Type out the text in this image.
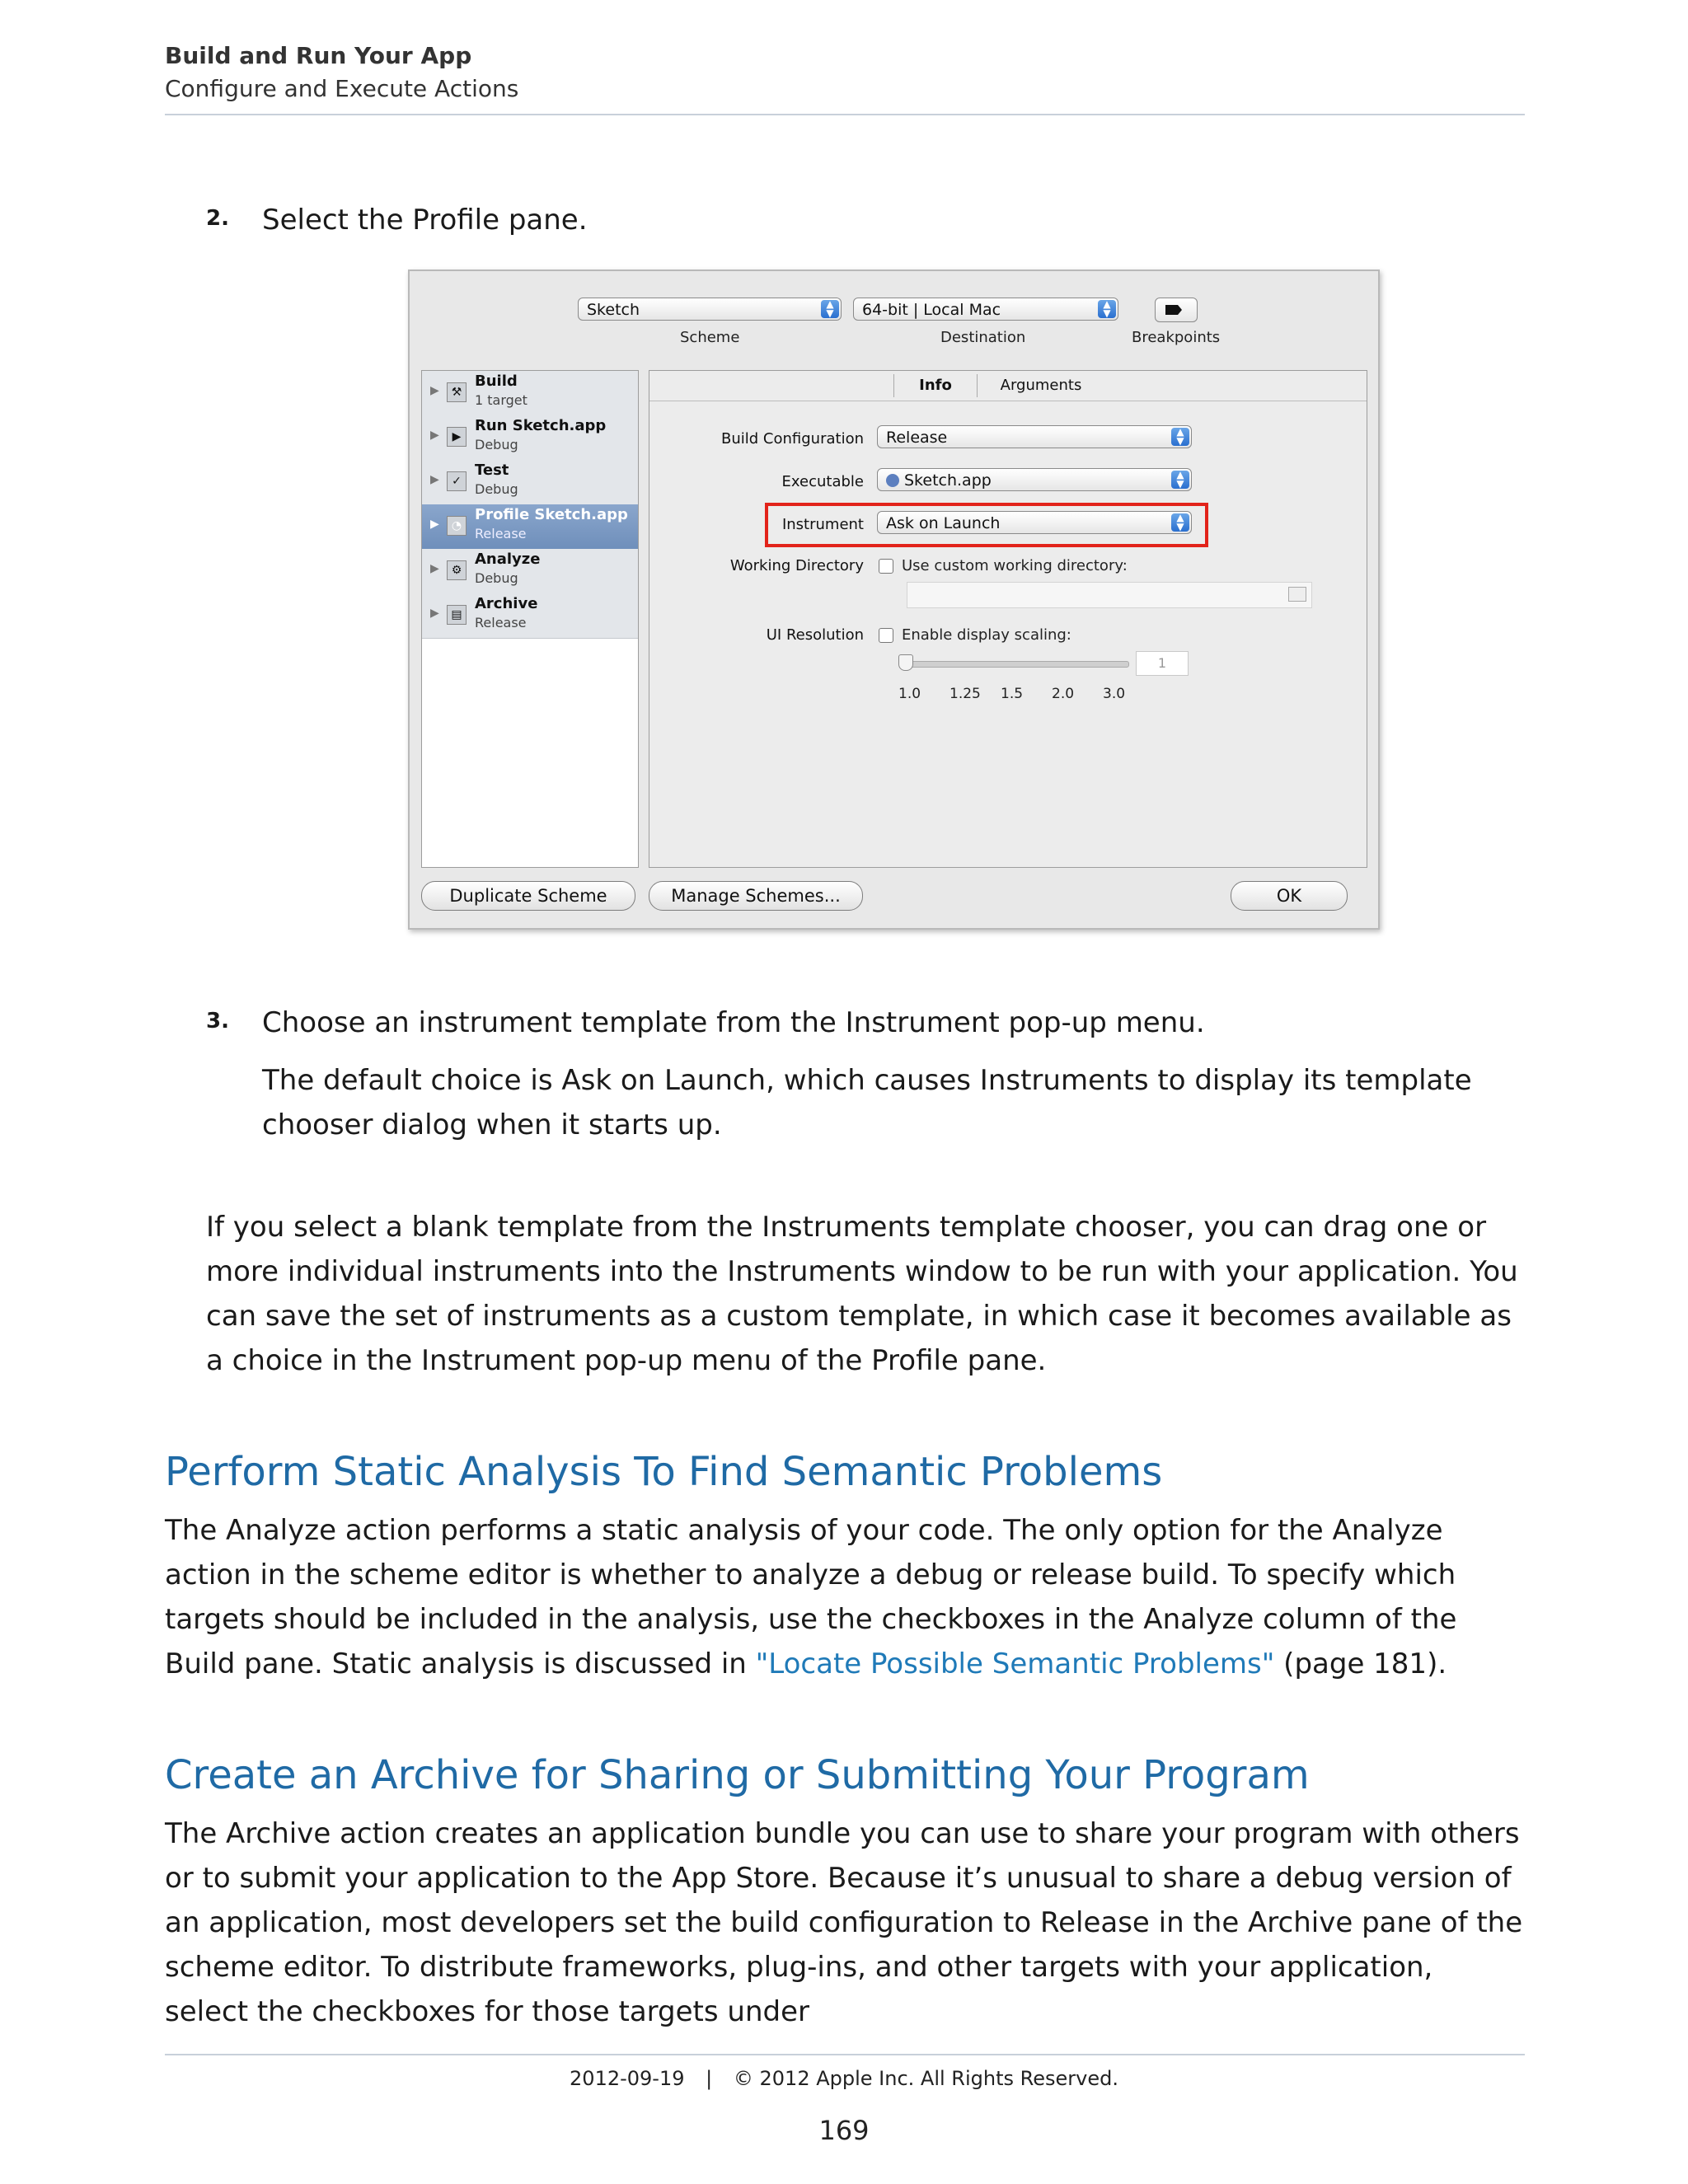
Build and Run Your App
Configure and Execute Actions
2. Select the Profile pane.
Sketch	▲
▼
Scheme
64-bit | Local Mac	▲
▼
Destination	Breakpoints
▶	⚒
Build
1 target
▶	▶
Run Sketch.app
Debug
▶	✓
Test
Debug
▶	◔
Profile Sketch.app
Release
▶	⚙
Analyze
Debug
▶	▤
Archive
Release
Info	Arguments
Build Configuration	Release	▲
▼
Executable	Sketch.app	▲
▼
Instrument	Ask on Launch	▲
▼
Working Directory	Use custom working directory:
UI Resolution	Enable display scaling:
1
1.0 1.25 1.5 2.0 3.0
Duplicate Scheme	Manage Schemes...	OK
3. Choose an instrument template from the Instrument pop-up menu.
The default choice is Ask on Launch, which causes Instruments to display its template chooser dialog when it starts up.
If you select a blank template from the Instruments template chooser, you can drag one or more individual instruments into the Instruments window to be run with your application. You can save the set of instruments as a custom template, in which case it becomes available as a choice in the Instrument pop-up menu of the Profile pane.
Perform Static Analysis To Find Semantic Problems
The Analyze action performs a static analysis of your code. The only option for the Analyze action in the scheme editor is whether to analyze a debug or release build. To specify which targets should be included in the analysis, use the checkboxes in the Analyze column of the Build pane. Static analysis is discussed in "Locate Possible Semantic Problems" (page 181).
Create an Archive for Sharing or Submitting Your Program
The Archive action creates an application bundle you can use to share your program with others or to submit your application to the App Store. Because it’s unusual to share a debug version of an application, most developers set the build configuration to Release in the Archive pane of the scheme editor. To distribute frameworks, plug-ins, and other targets with your application, select the checkboxes for those targets under
2012-09-19 | © 2012 Apple Inc. All Rights Reserved.
169
